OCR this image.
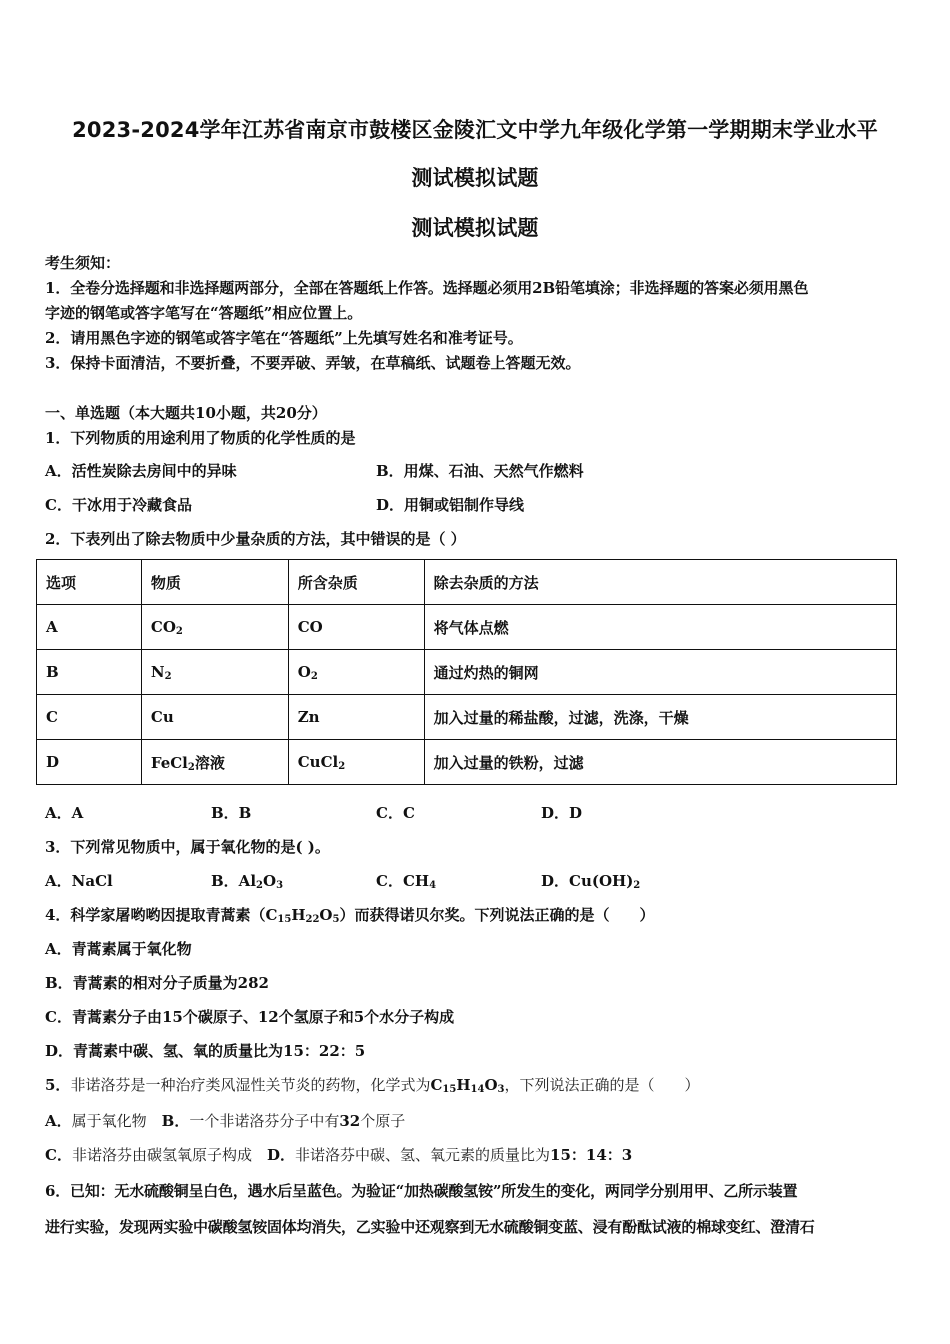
2023-2024学年江苏省南京市鼓楼区金陵汇文中学九年级化学第一学期期末学业水平
测试模拟试题
测试模拟试题
考生须知：
1．全卷分选择题和非选择题两部分，全部在答题纸上作答。选择题必须用2B铅笔填涂；非选择题的答案必须用黑色
字迹的钢笔或答字笔写在“答题纸”相应位置上。
2．请用黑色字迹的钢笔或答字笔在“答题纸”上先填写姓名和准考证号。
3．保持卡面清洁，不要折叠，不要弄破、弄皱，在草稿纸、试题卷上答题无效。
一、单选题（本大题共10小题，共20分）
1．下列物质的用途利用了物质的化学性质的是
A．活性炭除去房间中的异味	B．用煤、石油、天然气作燃料
C．干冰用于冷藏食品	D．用铜或铝制作导线
2．下表列出了除去物质中少量杂质的方法，其中错误的是（ ）
选项	物质	所含杂质	除去杂质的方法
A	$CO_2$	CO	将气体点燃
B	$N_2$	$O_2$	通过灼热的铜网
C	Cu	Zn	加入过量的稀盐酸，过滤，洗涤，干燥
D	FeCl$_2$溶液	CuCl$_2$	加入过量的铁粉，过滤
A．A	B．B	C．C	D．D
3．下列常见物质中，属于氧化物的是( )。
A．NaCl	B．$Al_2O_3$	C．$CH_4$	D．$Cu(OH)_2$
4．科学家屠哟哟因提取青蒿素$(C_{15}H_{22}O_5)$而获得诺贝尔奖。下列说法正确的是（　　）
A．青蒿素属于氧化物
B．青蒿素的相对分子质量为282
C．青蒿素分子由15个碳原子、12个氢原子和5个水分子构成
D．青蒿素中碳、氢、氧的质量比为15：22：5
5．非诺洛芬是一种治疗类风湿性关节炎的药物，化学式为$C_{15}H_{14}O_3$，下列说法正确的是（　　）
A．属于氧化物　 B．一个非诺洛芬分子中有32个原子
C．非诺洛芬由碳氢氧原子构成　 D．非诺洛芬中碳、氢、氧元素的质量比为15：14：3
6．已知：无水硫酸铜呈白色，遇水后呈蓝色。为验证“加热碳酸氢铵”所发生的变化，两同学分别用甲、乙所示装置
进行实验，发现两实验中碳酸氢铵固体均消失，乙实验中还观察到无水硫酸铜变蓝、浸有酚酞试液的棉球变红、澄清石
